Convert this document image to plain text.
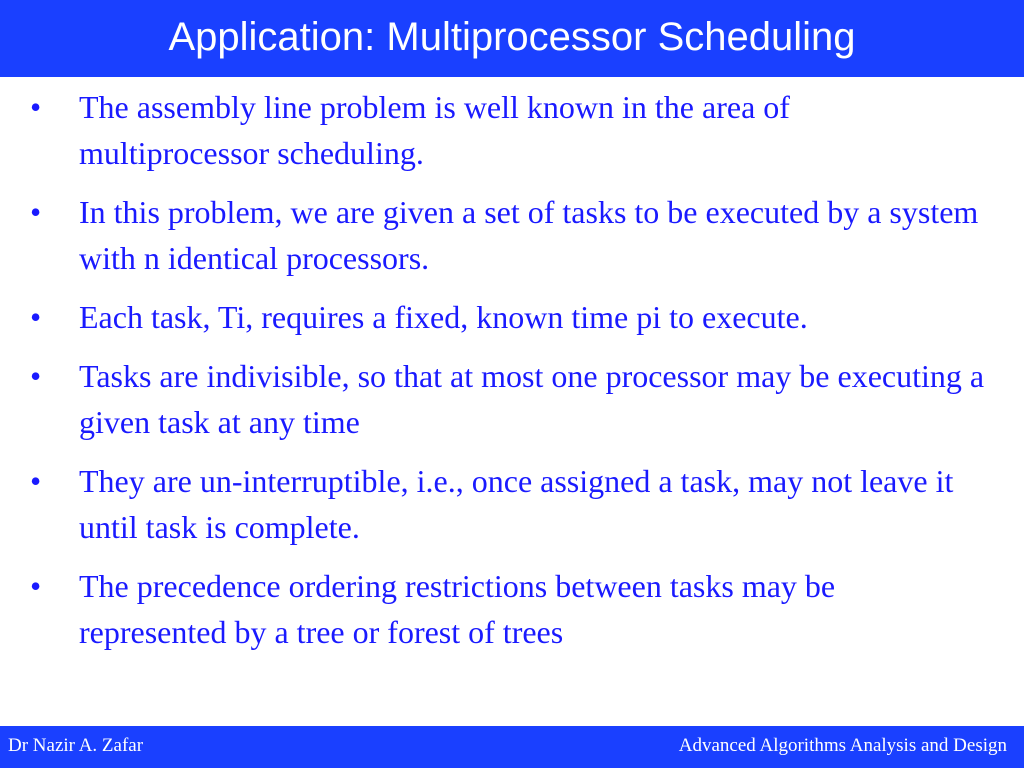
Application: Multiprocessor Scheduling
• The assembly line problem is well known in the area of multiprocessor scheduling.
• In this problem, we are given a set of tasks to be executed by a system with n identical processors.
• Each task, Ti, requires a fixed, known time pi to execute.
• Tasks are indivisible, so that at most one processor may be executing a given task at any time
• They are un-interruptible, i.e., once assigned a task, may not leave it until task is complete.
• The precedence ordering restrictions between tasks may be represented by a tree or forest of trees
Dr Nazir A. Zafar	Advanced Algorithms Analysis and Design
